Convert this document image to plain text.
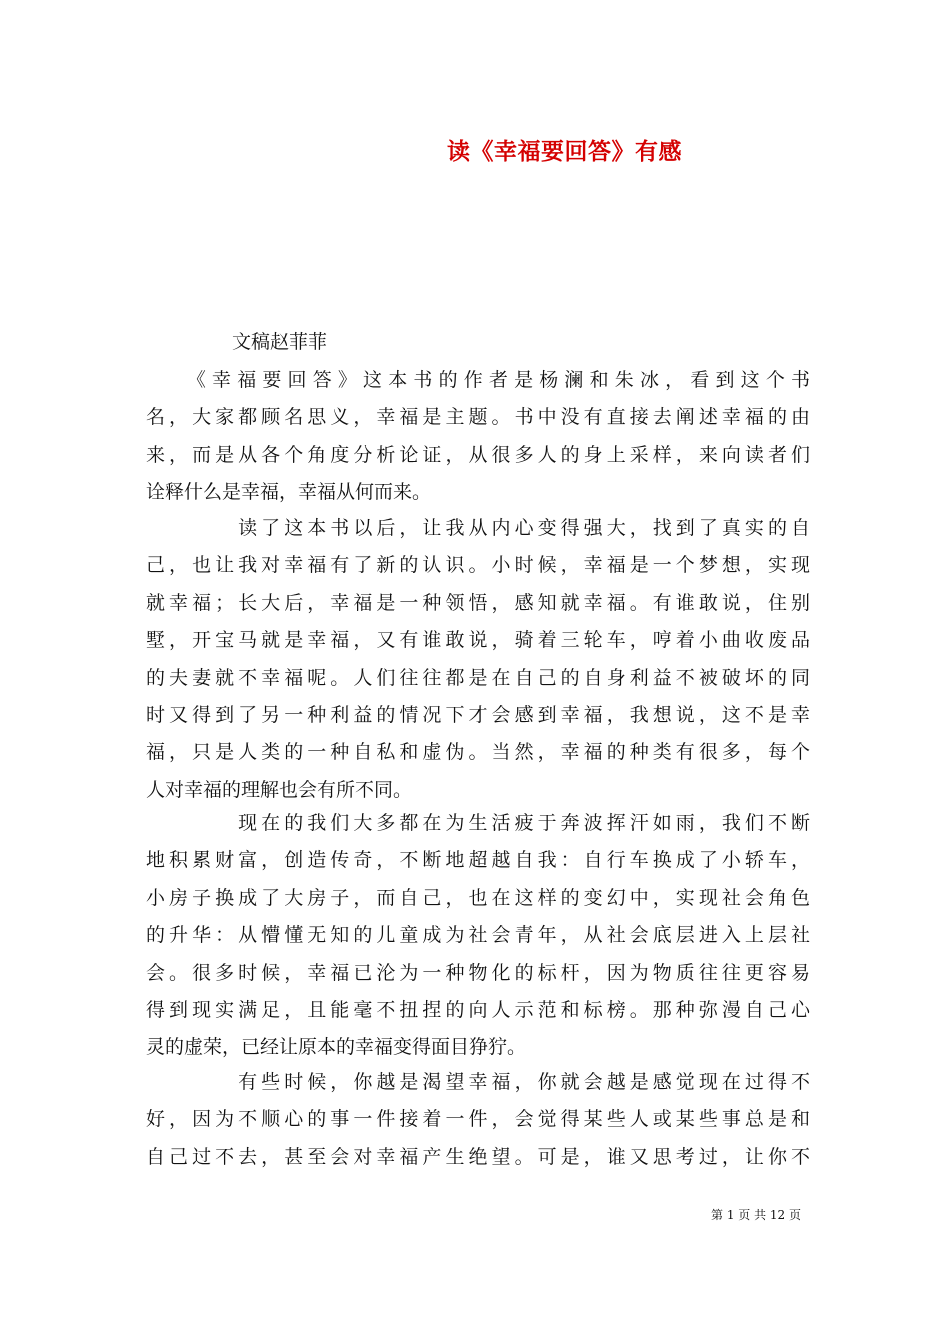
读《幸福要回答》有感
文稿赵菲菲
　　《幸福要回答》这本书的作者是杨澜和朱冰，看到这个书
名，大家都顾名思义，幸福是主题。书中没有直接去阐述幸福的由
来，而是从各个角度分析论证，从很多人的身上采样，来向读者们
诠释什么是幸福，幸福从何而来。
　　　　读了这本书以后，让我从内心变得强大，找到了真实的自
己，也让我对幸福有了新的认识。小时候，幸福是一个梦想，实现
就幸福；长大后，幸福是一种领悟，感知就幸福。有谁敢说，住别
墅，开宝马就是幸福，又有谁敢说，骑着三轮车，哼着小曲收废品
的夫妻就不幸福呢。人们往往都是在自己的自身利益不被破坏的同
时又得到了另一种利益的情况下才会感到幸福，我想说，这不是幸
福，只是人类的一种自私和虚伪。当然，幸福的种类有很多，每个
人对幸福的理解也会有所不同。
　　　　现在的我们大多都在为生活疲于奔波挥汗如雨，我们不断
地积累财富，创造传奇，不断地超越自我：自行车换成了小轿车，
小房子换成了大房子，而自己，也在这样的变幻中，实现社会角色
的升华：从懵懂无知的儿童成为社会青年，从社会底层进入上层社
会。很多时候，幸福已沦为一种物化的标杆，因为物质往往更容易
得到现实满足，且能毫不扭捏的向人示范和标榜。那种弥漫自己心
灵的虚荣，已经让原本的幸福变得面目狰狞。
　　　　有些时候，你越是渴望幸福，你就会越是感觉现在过得不
好，因为不顺心的事一件接着一件，会觉得某些人或某些事总是和
自己过不去，甚至会对幸福产生绝望。可是，谁又思考过，让你不
第 1 页 共 12 页
